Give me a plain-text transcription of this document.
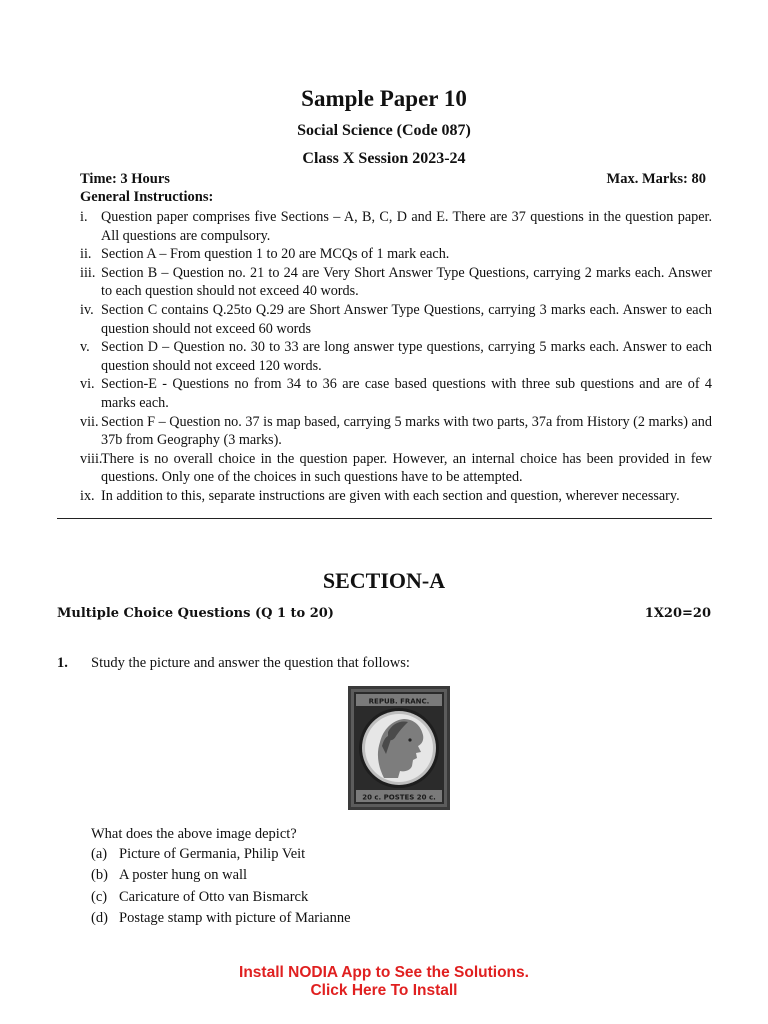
Sample Paper 10
Social Science (Code 087)
Class X Session 2023-24
Time: 3 Hours	Max. Marks: 80
General Instructions:
i. Question paper comprises five Sections – A, B, C, D and E. There are 37 questions in the question paper. All questions are compulsory.
ii. Section A – From question 1 to 20 are MCQs of 1 mark each.
iii. Section B – Question no. 21 to 24 are Very Short Answer Type Questions, carrying 2 marks each. Answer to each question should not exceed 40 words.
iv. Section C contains Q.25to Q.29 are Short Answer Type Questions, carrying 3 marks each. Answer to each question should not exceed 60 words
v. Section D – Question no. 30 to 33 are long answer type questions, carrying 5 marks each. Answer to each question should not exceed 120 words.
vi. Section-E - Questions no from 34 to 36 are case based questions with three sub questions and are of 4 marks each.
vii. Section F – Question no. 37 is map based, carrying 5 marks with two parts, 37a from History (2 marks) and 37b from Geography (3 marks).
viii.
There is no overall choice in the question paper. However, an internal choice has been provided in few questions. Only one of the choices in such questions have to be attempted.
ix. In addition to this, separate instructions are given with each section and question, wherever necessary.
SECTION-A
Multiple Choice Questions (Q 1 to 20)	1X20=20
1. Study the picture and answer the question that follows:
REPUB. FRANC.
20 c. POSTES 20 c.
What does the above image depict?
(a) Picture of Germania, Philip Veit
(b) A poster hung on wall
(c) Caricature of Otto van Bismarck
(d) Postage stamp with picture of Marianne
Install NODIA App to See the Solutions.
Click Here To Install
